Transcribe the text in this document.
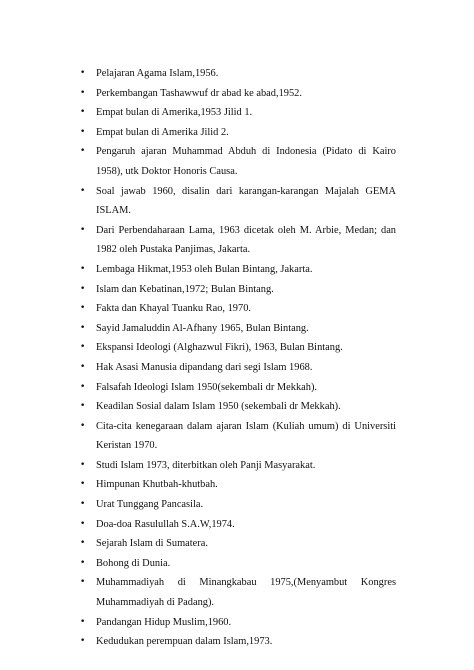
• Pelajaran Agama Islam,1956.
• Perkembangan Tashawwuf dr abad ke abad,1952.
• Empat bulan di Amerika,1953 Jilid 1.
• Empat bulan di Amerika Jilid 2.
• Pengaruh ajaran Muhammad Abduh di Indonesia (Pidato di Kairo 1958), utk Doktor Honoris Causa.
• Soal jawab 1960, disalin dari karangan-karangan Majalah GEMA ISLAM.
• Dari Perbendaharaan Lama, 1963 dicetak oleh M. Arbie, Medan; dan 1982 oleh Pustaka Panjimas, Jakarta.
• Lembaga Hikmat,1953 oleh Bulan Bintang, Jakarta.
• Islam dan Kebatinan,1972; Bulan Bintang.
• Fakta dan Khayal Tuanku Rao, 1970.
• Sayid Jamaluddin Al-Afhany 1965, Bulan Bintang.
• Ekspansi Ideologi (Alghazwul Fikri), 1963, Bulan Bintang.
• Hak Asasi Manusia dipandang dari segi Islam 1968.
• Falsafah Ideologi Islam 1950(sekembali dr Mekkah).
• Keadilan Sosial dalam Islam 1950 (sekembali dr Mekkah).
• Cita-cita kenegaraan dalam ajaran Islam (Kuliah umum) di Universiti Keristan 1970.
• Studi Islam 1973, diterbitkan oleh Panji Masyarakat.
• Himpunan Khutbah-khutbah.
• Urat Tunggang Pancasila.
• Doa-doa Rasulullah S.A.W,1974.
• Sejarah Islam di Sumatera.
• Bohong di Dunia.
• Muhammadiyah di Minangkabau 1975,(Menyambut Kongres Muhammadiyah di Padang).
• Pandangan Hidup Muslim,1960.
• Kedudukan perempuan dalam Islam,1973.
